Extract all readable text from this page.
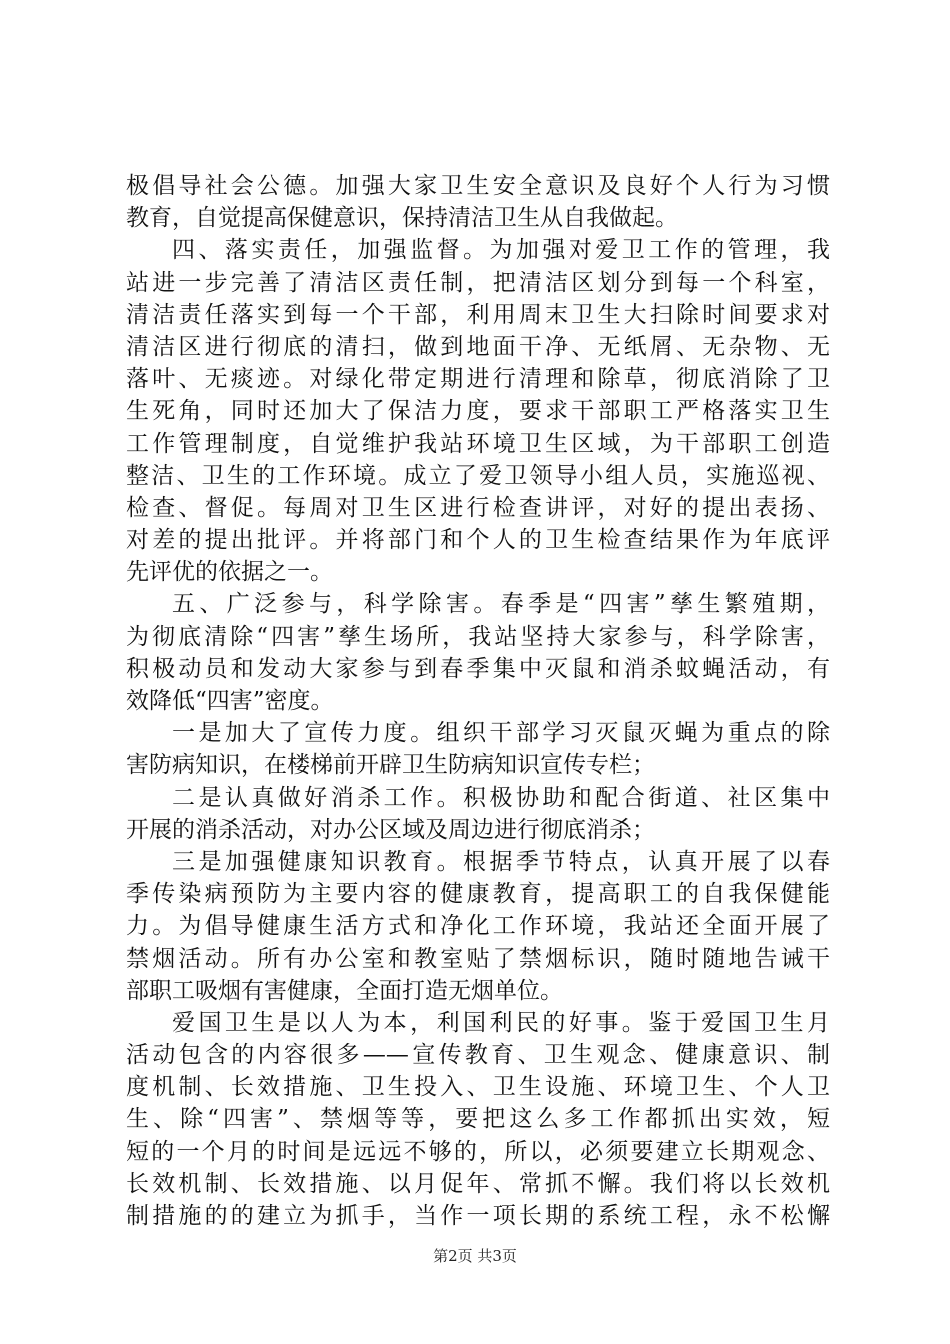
极倡导社会公德。加强大家卫生安全意识及良好个人行为习惯
教育，自觉提高保健意识，保持清洁卫生从自我做起。
四、落实责任，加强监督。为加强对爱卫工作的管理，我
站进一步完善了清洁区责任制，把清洁区划分到每一个科室，
清洁责任落实到每一个干部，利用周末卫生大扫除时间要求对
清洁区进行彻底的清扫，做到地面干净、无纸屑、无杂物、无
落叶、无痰迹。对绿化带定期进行清理和除草，彻底消除了卫
生死角，同时还加大了保洁力度，要求干部职工严格落实卫生
工作管理制度，自觉维护我站环境卫生区域，为干部职工创造
整洁、卫生的工作环境。成立了爱卫领导小组人员，实施巡视、
检查、督促。每周对卫生区进行检查讲评，对好的提出表扬、
对差的提出批评。并将部门和个人的卫生检查结果作为年底评
先评优的依据之一。
五、广泛参与，科学除害。春季是“四害”孳生繁殖期，
为彻底清除“四害”孳生场所，我站坚持大家参与，科学除害，
积极动员和发动大家参与到春季集中灭鼠和消杀蚊蝇活动，有
效降低“四害”密度。
一是加大了宣传力度。组织干部学习灭鼠灭蝇为重点的除
害防病知识，在楼梯前开辟卫生防病知识宣传专栏；
二是认真做好消杀工作。积极协助和配合街道、社区集中
开展的消杀活动，对办公区域及周边进行彻底消杀；
三是加强健康知识教育。根据季节特点，认真开展了以春
季传染病预防为主要内容的健康教育，提高职工的自我保健能
力。为倡导健康生活方式和净化工作环境，我站还全面开展了
禁烟活动。所有办公室和教室贴了禁烟标识，随时随地告诫干
部职工吸烟有害健康，全面打造无烟单位。
爱国卫生是以人为本，利国利民的好事。鉴于爱国卫生月
活动包含的内容很多——宣传教育、卫生观念、健康意识、制
度机制、长效措施、卫生投入、卫生设施、环境卫生、个人卫
生、除“四害”、禁烟等等，要把这么多工作都抓出实效，短
短的一个月的时间是远远不够的，所以，必须要建立长期观念、
长效机制、长效措施、以月促年、常抓不懈。我们将以长效机
制措施的的建立为抓手，当作一项长期的系统工程，永不松懈
第2页 共3页
